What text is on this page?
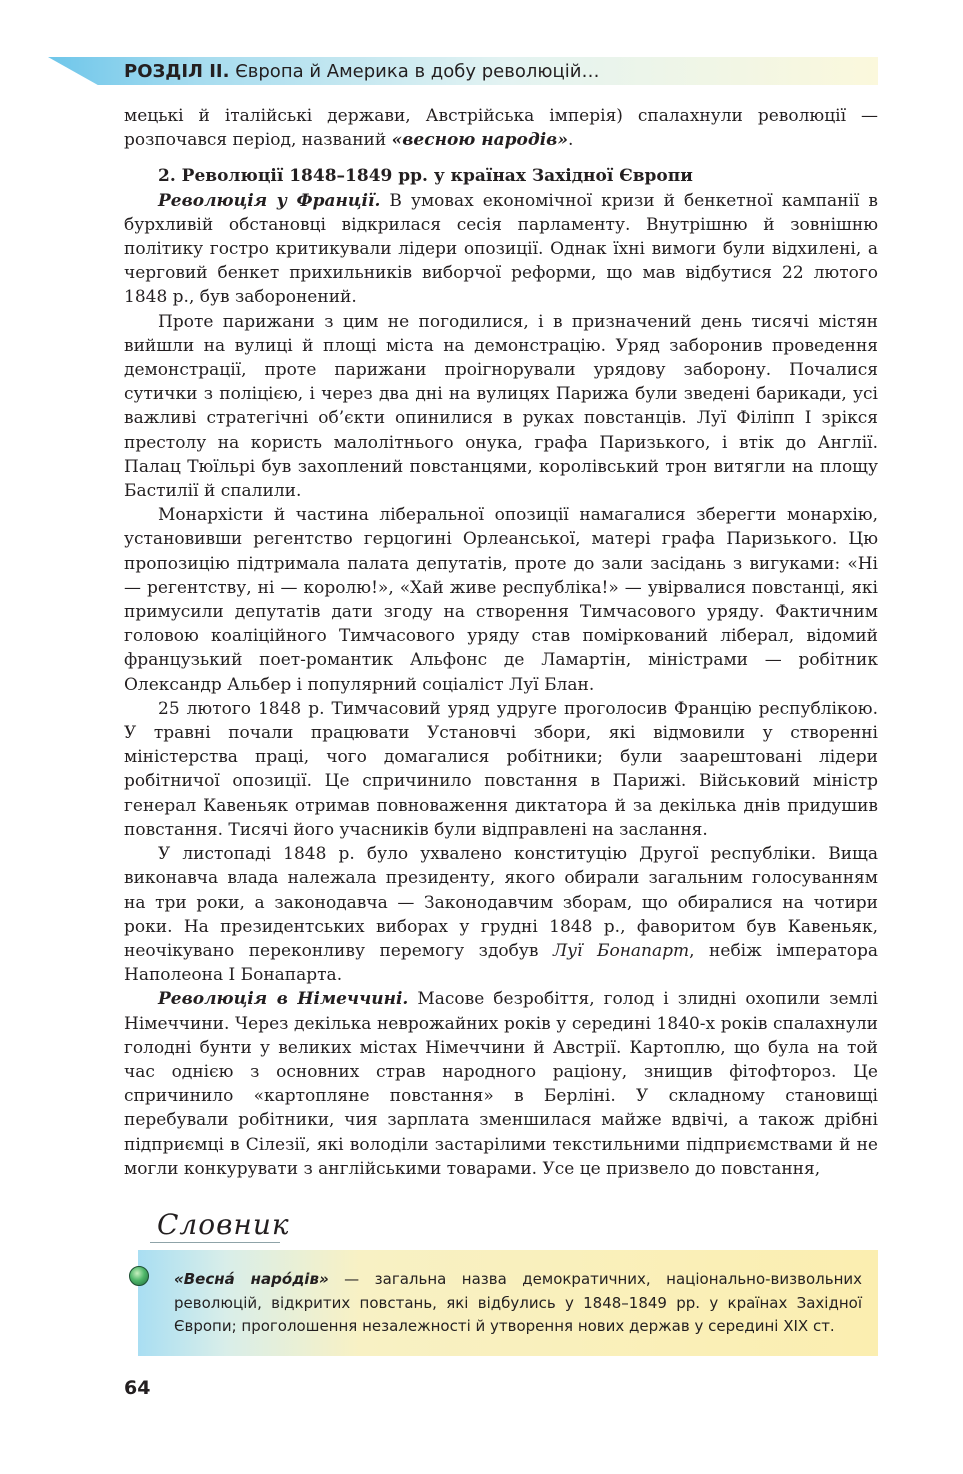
РОЗДІЛ ІІ. Європа й Америка в добу революцій…

мецькі й італійські держави, Австрійська імперія) спалахнули революції — розпочався період, названий «весною народів».

2. Революції 1848–1849 рр. у країнах Західної Європи

Революція у Франції. В умовах економічної кризи й бенкетної кампанії в бурхливій обстановці відкрилася сесія парламенту. Внутрішню й зовнішню політику гостро критикували лідери опозиції. Однак їхні вимоги були відхилені, а черговий бенкет прихильників виборчої реформи, що мав відбутися 22 лютого 1848 р., був заборонений.

Проте парижани з цим не погодилися, і в призначений день тисячі містян вийшли на вулиці й площі міста на демонстрацію. Уряд заборонив проведення демонстрації, проте парижани проігнорували урядову заборону. Почалися сутички з поліцією, і через два дні на вулицях Парижа були зведені барикади, усі важливі стратегічні об’єкти опинилися в руках повстанців. Луї Філіпп І зрікся престолу на користь малолітнього онука, графа Паризького, і втік до Англії. Палац Тюїльрі був захоплений повстанцями, королівський трон витягли на площу Бастилії й спалили.

Монархісти й частина ліберальної опозиції намагалися зберегти монархію, установивши регентство герцогині Орлеанської, матері графа Паризького. Цю пропозицію підтримала палата депутатів, проте до зали засідань з вигуками: «Ні — регентству, ні — королю!», «Хай живе республіка!» — увірвалися повстанці, які примусили депутатів дати згоду на створення Тимчасового уряду. Фактичним головою коаліційного Тимчасового уряду став поміркований ліберал, відомий французький поет-романтик Альфонс де Ламартін, міністрами — робітник Олександр Альбер і популярний соціаліст Луї Блан.

25 лютого 1848 р. Тимчасовий уряд удруге проголосив Францію республікою. У травні почали працювати Установчі збори, які відмовили у створенні міністерства праці, чого домагалися робітники; були заарештовані лідери робітничої опозиції. Це спричинило повстання в Парижі. Військовий міністр генерал Кавеньяк отримав повноваження диктатора й за декілька днів придушив повстання. Тисячі його учасників були відправлені на заслання.

У листопаді 1848 р. було ухвалено конституцію Другої республіки. Вища виконавча влада належала президенту, якого обирали загальним голосуванням на три роки, а законодавча — Законодавчим зборам, що обиралися на чотири роки. На президентських виборах у грудні 1848 р., фаворитом був Кавеньяк, неочікувано переконливу перемогу здобув Луї Бонапарт, небіж імператора Наполеона І Бонапарта.

Революція в Німеччині. Масове безробіття, голод і злидні охопили землі Німеччини. Через декілька неврожайних років у середині 1840-х років спалахнули голодні бунти у великих містах Німеччини й Австрії. Картоплю, що була на той час однією з основних страв народного раціону, знищив фітофтороз. Це спричинило «картопляне повстання» в Берліні. У складному становищі перебували робітники, чия зарплата зменшилася майже вдвічі, а також дрібні підприємці в Сілезії, які володіли застарілими текстильними підприємствами й не могли конкурувати з англійськими товарами. Усе це призвело до повстання,

Словник
«Весна́ наро́дів» — загальна назва демократичних, національно-визвольних революцій, відкритих повстань, які відбулись у 1848–1849 рр. у країнах Західної Європи; проголошення незалежності й утворення нових держав у середині ХІХ ст.
64
